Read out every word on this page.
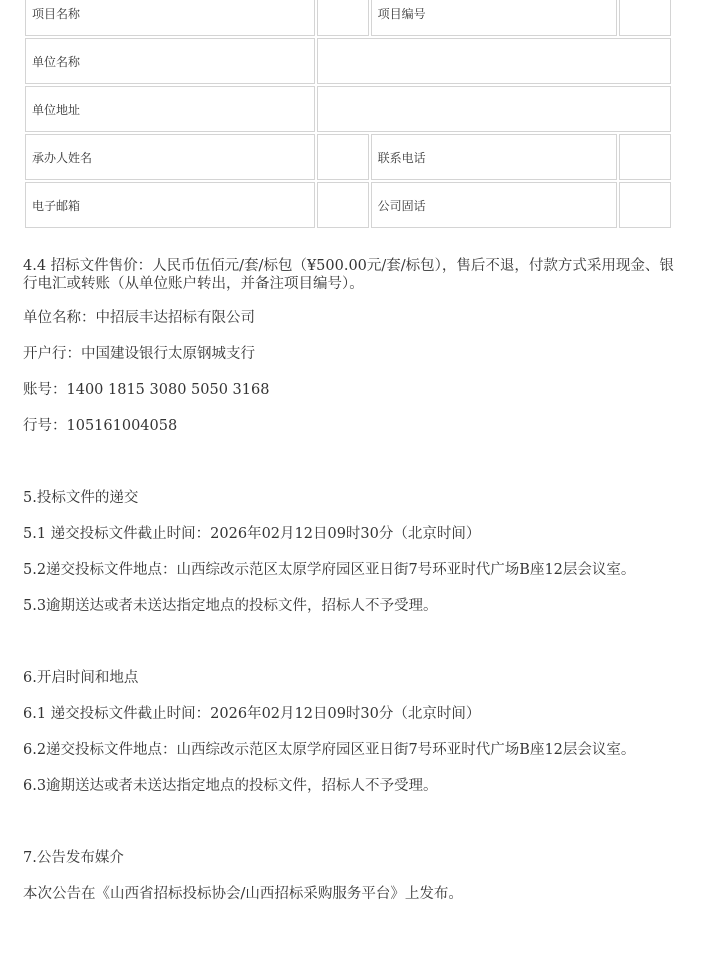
项目名称		项目编号	
单位名称			
单位地址			
承办人姓名		联系电话	
电子邮箱		公司固话	

4.4 招标文件售价：人民币伍佰元/套/标包（¥500.00元/套/标包），售后不退，付款方式采用现金、银行电汇或转账（从单位账户转出，并备注项目编号）。

单位名称：中招辰丰达招标有限公司

开户行：中国建设银行太原钢城支行

账号：1400 1815 3080 5050 3168

行号：105161004058

5.投标文件的递交

5.1 递交投标文件截止时间：2026年02月12日09时30分（北京时间）

5.2递交投标文件地点：山西综改示范区太原学府园区亚日街7号环亚时代广场B座12层会议室。

5.3逾期送达或者未送达指定地点的投标文件，招标人不予受理。

6.开启时间和地点

6.1 递交投标文件截止时间：2026年02月12日09时30分（北京时间）

6.2递交投标文件地点：山西综改示范区太原学府园区亚日街7号环亚时代广场B座12层会议室。

6.3逾期送达或者未送达指定地点的投标文件，招标人不予受理。

7.公告发布媒介

本次公告在《山西省招标投标协会/山西招标采购服务平台》上发布。
